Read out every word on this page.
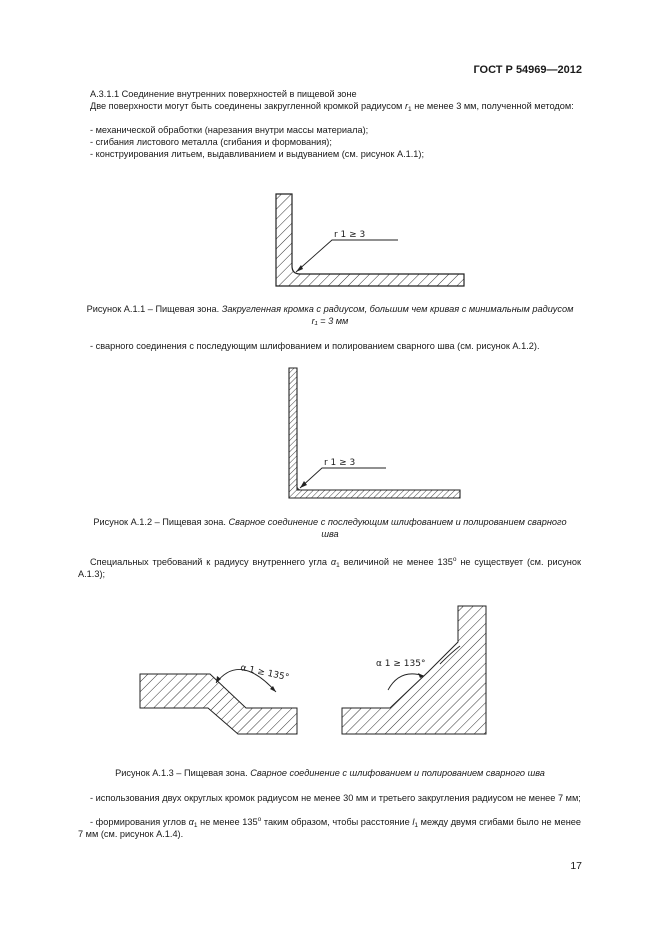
ГОСТ Р 54969—2012
А.3.1.1 Соединение внутренних поверхностей в пищевой зоне
Две поверхности могут быть соединены закругленной кромкой радиусом $r_1$ не менее 3 мм, полученной методом:
- механической обработки (нарезания внутри массы материала);
- сгибания листового металла (сгибания и формования);
- конструирования литьем, выдавливанием и выдуванием (см. рисунок А.1.1);
r 1 ≥ 3
Рисунок А.1.1 – Пищевая зона. Закругленная кромка с радиусом, большим чем кривая с минимальным радиусом
r₁ = 3 мм
- сварного соединения с последующим шлифованием и полированием сварного шва (см. рисунок А.1.2).
r 1 ≥ 3
Рисунок А.1.2 – Пищевая зона. Сварное соединение с последующим шлифованием и полированием сварного
шва
Специальных требований к радиусу внутреннего угла $\alpha_1$ величиной не менее $135^о$ не существует (см. рисунок А.1.3);
α 1 ≥ 135°	α 1 ≥ 135°
Рисунок А.1.3 – Пищевая зона. Сварное соединение с шлифованием и полированием сварного шва
- использования двух округлых кромок радиусом не менее 30 мм и третьего закругления радиусом не менее 7 мм;
- формирования углов $\alpha_1$ не менее $135^о$ таким образом, чтобы расстояние $l_1$ между двумя сгибами было не менее 7 мм (см. рисунок А.1.4).
17
